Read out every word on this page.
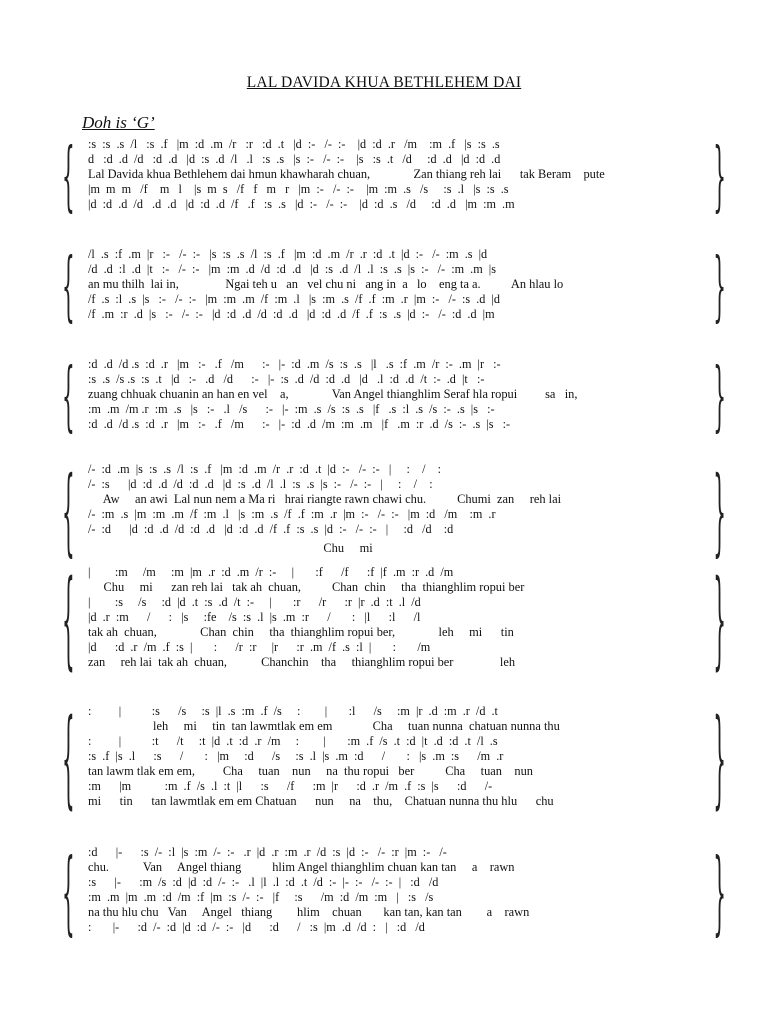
LAL DAVIDA KHUA BETHLEHEM DAI
Doh is ‘G’
{	}
:s  :s  .s  /l   :s  .f   |m  :d  .m  /r   :r   :d  .t   |d  :-   /-  :-    |d  :d  .r   /m    :m  .f   |s  :s  .s
d   :d  .d  /d   :d  .d   |d  :s  .d  /l   .l   :s  .s   |s  :-   /-  :-    |s   :s  .t   /d     :d  .d   |d  :d  .d
Lal Davida khua Bethlehem dai hmun khawharah chuan,              Zan thiang reh lai      tak Beram    pute
|m  m  m   /f    m   l    |s  m  s   /f   f   m   r   |m  :-   /-  :-    |m  :m  .s   /s     :s  .l   |s  :s  .s
|d  :d  .d  /d   .d  .d   |d  :d  .d  /f   .f   :s  .s   |d  :-   /-  :-    |d  :d  .s   /d     :d  .d   |m  :m  .m
{	}
/l  .s  :f  .m  |r   :-   /-  :-   |s  :s  .s  /l  :s  .f   |m  :d  .m  /r  .r  :d  .t  |d  :-   /-  :m  .s  |d
/d  .d  :l  .d  |t   :-   /-  :-   |m  :m  .d  /d  :d  .d   |d  :s  .d  /l  .l  :s  .s  |s  :-   /-  :m  .m  |s
an mu thilh  lai in,               Ngai teh u   an   vel chu ni   ang in  a   lo    eng ta a.          An hlau lo
/f  .s  :l  .s  |s   :-   /-  :-   |m  :m  .m  /f  :m  .l   |s  :m  .s  /f  .f  :m  .r  |m  :-   /-  :s  .d  |d
/f  .m  :r  .d  |s   :-   /-  :-   |d  :d  .d  /d  :d  .d   |d  :d  .d  /f  .f  :s  .s  |d  :-   /-  :d  .d  |m
{	}
:d  .d  /d .s  :d  .r   |m   :-   .f   /m      :-   |-  :d  .m  /s  :s  .s   |l   .s  :f  .m  /r  :-  .m  |r   :-
:s  .s  /s .s  :s  .t   |d   :-   .d   /d      :-   |-  :s  .d  /d  :d  .d   |d   .l  :d  .d  /t  :-  .d  |t   :-
zuang chhuak chuanin an han en vel    a,              Van Angel thianghlim Seraf hla ropui         sa   in,
:m  .m  /m .r  :m  .s   |s   :-   .l   /s      :-   |-  :m  .s  /s  :s  .s   |f   .s  :l  .s  /s  :-  .s  |s   :-
:d  .d  /d .s  :d  .r   |m   :-   .f   /m      :-   |-  :d  .d  /m  :m  .m   |f   .m  :r  .d  /s  :-  .s  |s   :-
{	}
/-  :d  .m  |s  :s  .s  /l  :s  .f   |m  :d  .m  /r  .r  :d  .t  |d  :-   /-  :-   |     :    /    :
/-  :s      |d  :d  .d  /d  :d  .d   |d  :s  .d  /l  .l  :s  .s  |s  :-   /-  :-   |     :    /    :
Aw     an awi  Lal nun nem a Ma ri   hrai riangte rawn chawi chu.          Chumi  zan     reh lai
/-  :m  .s  |m  :m  .m  /f  :m  .l   |s  :m  .s  /f  .f  :m  .r  |m  :-   /-  :-   |m  :d   /m    :m  .r
/-  :d      |d  :d  .d  /d  :d  .d   |d  :d  .d  /f  .f  :s  .s  |d  :-   /-  :-   |     :d   /d    :d
Chu     mi
{	}
|        :m     /m     :m  |m  .r  :d  .m  /r  :-     |       :f      /f      :f  |f  .m  :r  .d  /m
Chu     mi      zan reh lai   tak ah  chuan,          Chan  chin     tha  thianghlim ropui ber
|        :s     /s     :d  |d  .t  :s  .d  /t  :-     |       :r      /r      :r  |r  .d  :t  .l  /d
|d  .r  :m      /      :   |s     :fe    /s  :s  .l  |s  .m  :r      /       :   |l      :l      /l
tak ah  chuan,              Chan  chin     tha  thianghlim ropui ber,              leh     mi      tin
|d      :d  .r  /m  .f  :s  |       :      /r  :r     |r      :r  .m  /f  .s  :l  |       :       /m
zan     reh lai  tak ah  chuan,           Chanchin    tha     thianghlim ropui ber               leh
{	}
:         |          :s      /s     :s  |l  .s  :m  .f  /s     :        |       :l      /s     :m  |r  .d  :m  .r  /d  .t
leh     mi     tin  tan lawmtlak em em             Cha     tuan nunna  chatuan nunna thu
:         |          :t      /t     :t  |d  .t  :d  .r  /m     :        |       :m  .f  /s  .t  :d  |t  .d  :d  .t  /l  .s
:s  .f  |s  .l      :s      /       :   |m     :d      /s     :s  .l  |s  .m  :d      /       :   |s  .m  :s      /m  .r
tan lawm tlak em em,         Cha     tuan    nun     na  thu ropui   ber          Cha     tuan    nun
:m      |m           :m  .f  /s  .l  :t  |l      :s      /f      :m  |r      :d  .r  /m  .f  :s  |s      :d      /-
mi      tin      tan lawmtlak em em Chatuan      nun     na    thu,    Chatuan nunna thu hlu      chu
{	}
:d      |-      :s  /-  :l  |s  :m  /-  :-   .r  |d  .r  :m  .r  /d  :s  |d  :-   /-  :r  |m  :-   /-
chu.           Van     Angel thiang          hlim Angel thianghlim chuan kan tan     a    rawn
:s      |-      :m  /s  :d  |d  :d  /-  :-   .l  |l  .l  :d  .t  /d  :-  |-  :-   /-  :-  |   :d   /d
:m  .m  |m  .m  :d  /m  :f  |m  :s  /-  :-   |f     :s      /m  :d  /m  :m   |   :s   /s
na thu hlu chu   Van     Angel   thiang        hlim    chuan       kan tan, kan tan        a    rawn
:       |-      :d  /-  :d  |d  :d  /-  :-   |d      :d      /   :s  |m  .d  /d  :   |   :d   /d
